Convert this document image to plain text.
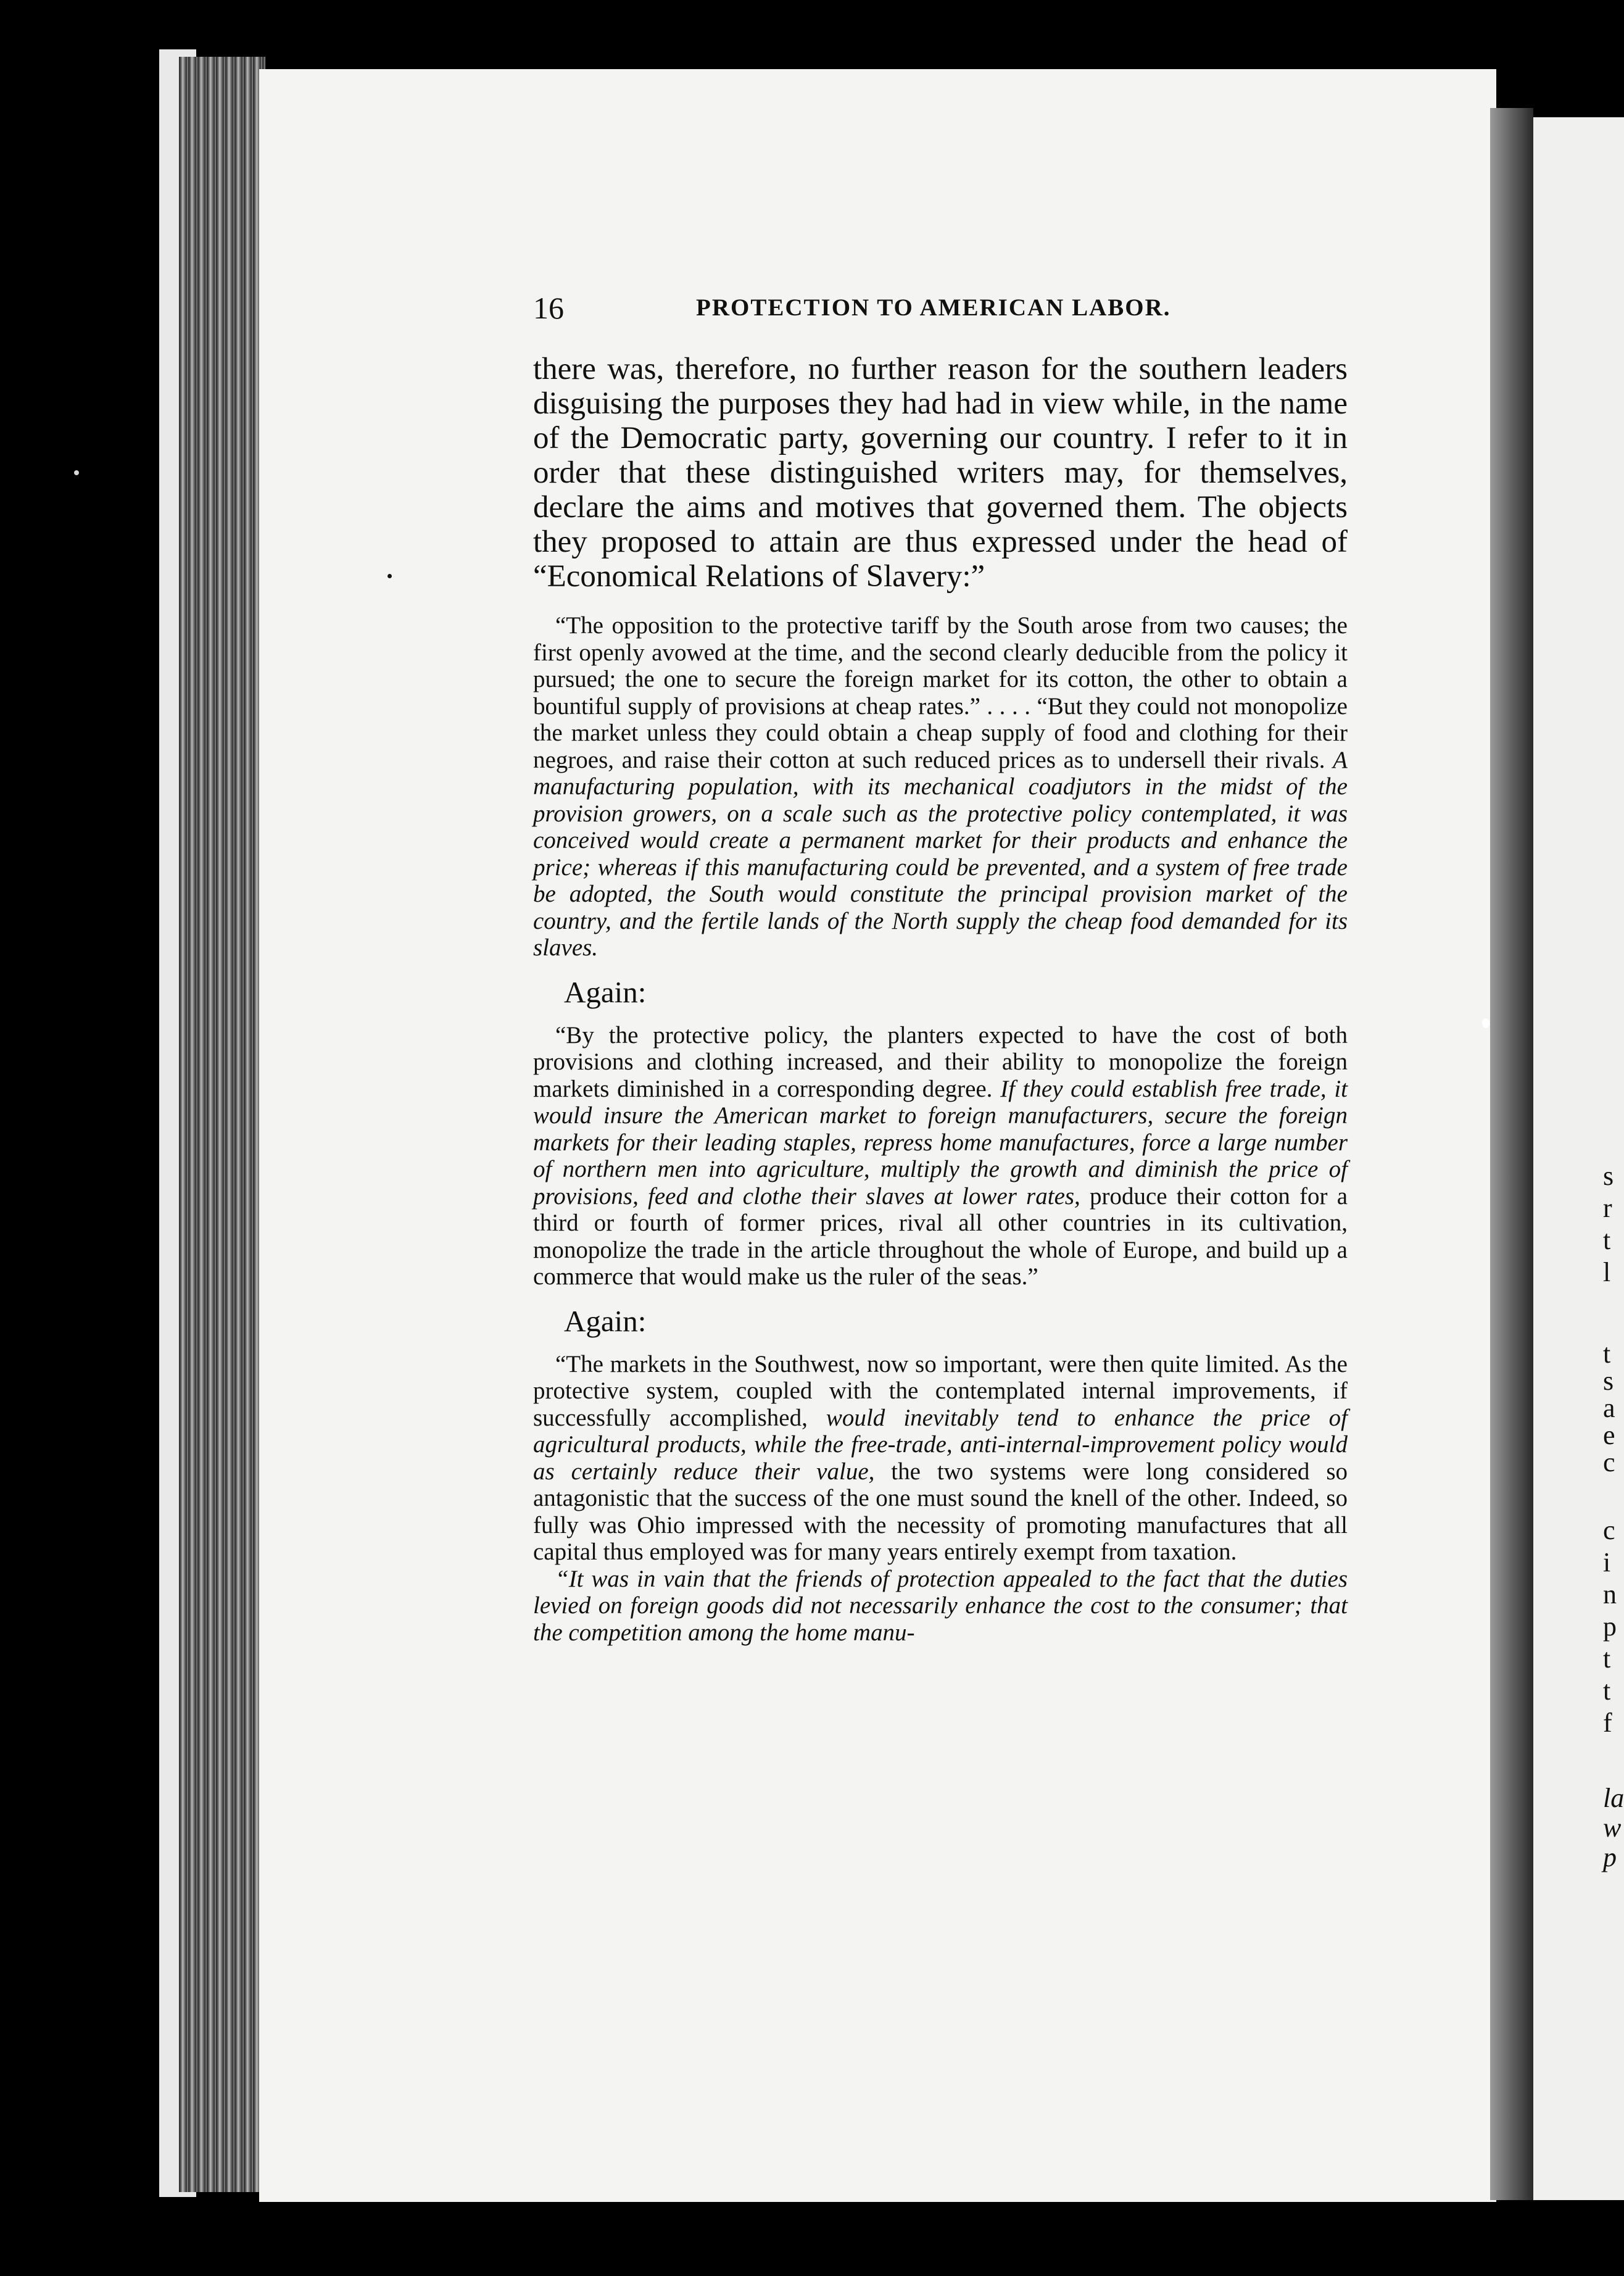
s
r
t
l
t
s
a
e
c
c
i
n
p
t
t
f
la
w
p
16	PROTECTION TO AMERICAN LABOR.

there was, therefore, no further reason for the southern leaders disguising the purposes they had had in view while, in the name of the Democratic party, governing our country. I refer to it in order that these distinguished writers may, for themselves, declare the aims and motives that governed them. The objects they proposed to attain are thus expressed under the head of “Economical Relations of Slavery:”

“The opposition to the protective tariff by the South arose from two causes; the first openly avowed at the time, and the second clearly deducible from the policy it pursued; the one to secure the foreign market for its cotton, the other to obtain a bountiful supply of provisions at cheap rates.” . . . . “But they could not monopolize the market unless they could obtain a cheap supply of food and clothing for their negroes, and raise their cotton at such reduced prices as to undersell their rivals. A manufacturing population, with its mechanical coadjutors in the midst of the provision growers, on a scale such as the protective policy contemplated, it was conceived would create a permanent market for their products and enhance the price; whereas if this manufacturing could be prevented, and a system of free trade be adopted, the South would constitute the principal provision market of the country, and the fertile lands of the North supply the cheap food demanded for its slaves.

Again:

“By the protective policy, the planters expected to have the cost of both provisions and clothing increased, and their ability to monopolize the foreign markets diminished in a corresponding degree. If they could establish free trade, it would insure the American market to foreign manufacturers, secure the foreign markets for their leading staples, repress home manufactures, force a large number of northern men into agriculture, multiply the growth and diminish the price of provisions, feed and clothe their slaves at lower rates, produce their cotton for a third or fourth of former prices, rival all other countries in its cultivation, monopolize the trade in the article throughout the whole of Europe, and build up a commerce that would make us the ruler of the seas.”

Again:

“The markets in the Southwest, now so important, were then quite limited. As the protective system, coupled with the contemplated internal improvements, if successfully accomplished, would inevitably tend to enhance the price of agricultural products, while the free-trade, anti-internal-improvement policy would as certainly reduce their value, the two systems were long considered so antagonistic that the success of the one must sound the knell of the other. Indeed, so fully was Ohio impressed with the necessity of promoting manufactures that all capital thus employed was for many years entirely exempt from taxation.

“It was in vain that the friends of protection appealed to the fact that the duties levied on foreign goods did not necessarily enhance the cost to the consumer; that the competition among the home manu-
